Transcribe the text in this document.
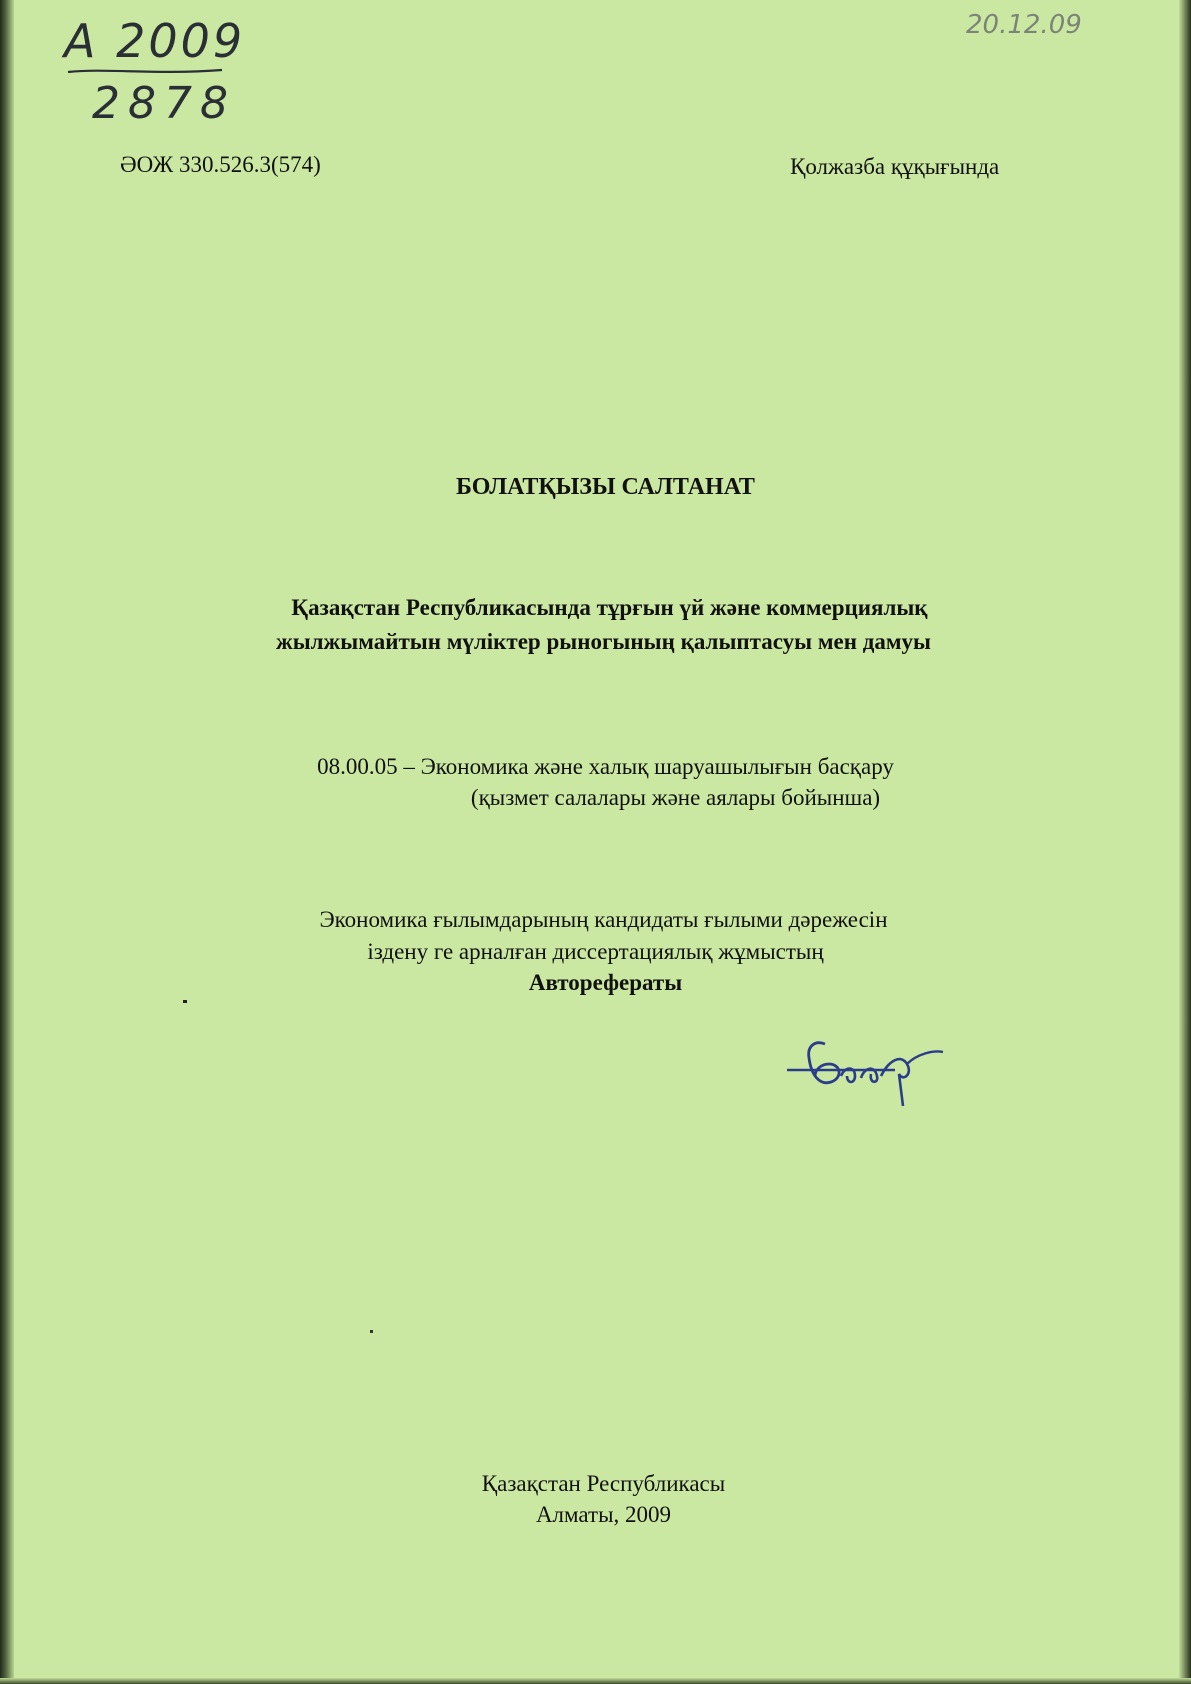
А 2009
2878
20.12.09
ӘОЖ 330.526.3(574)	Қолжазба құқығында
БОЛАТҚЫЗЫ САЛТАНАТ
Қазақстан Республикасында тұрғын үй және коммерциялық
жылжымайтын мүліктер рыногының қалыптасуы мен дамуы
08.00.05 – Экономика және халық шаруашылығын басқару
(қызмет салалары және аялары бойынша)
Экономика ғылымдарының кандидаты ғылыми дәрежесін
іздену ге арналған диссертациялық жұмыстың
Авторефераты
Қазақстан Республикасы
Алматы, 2009
